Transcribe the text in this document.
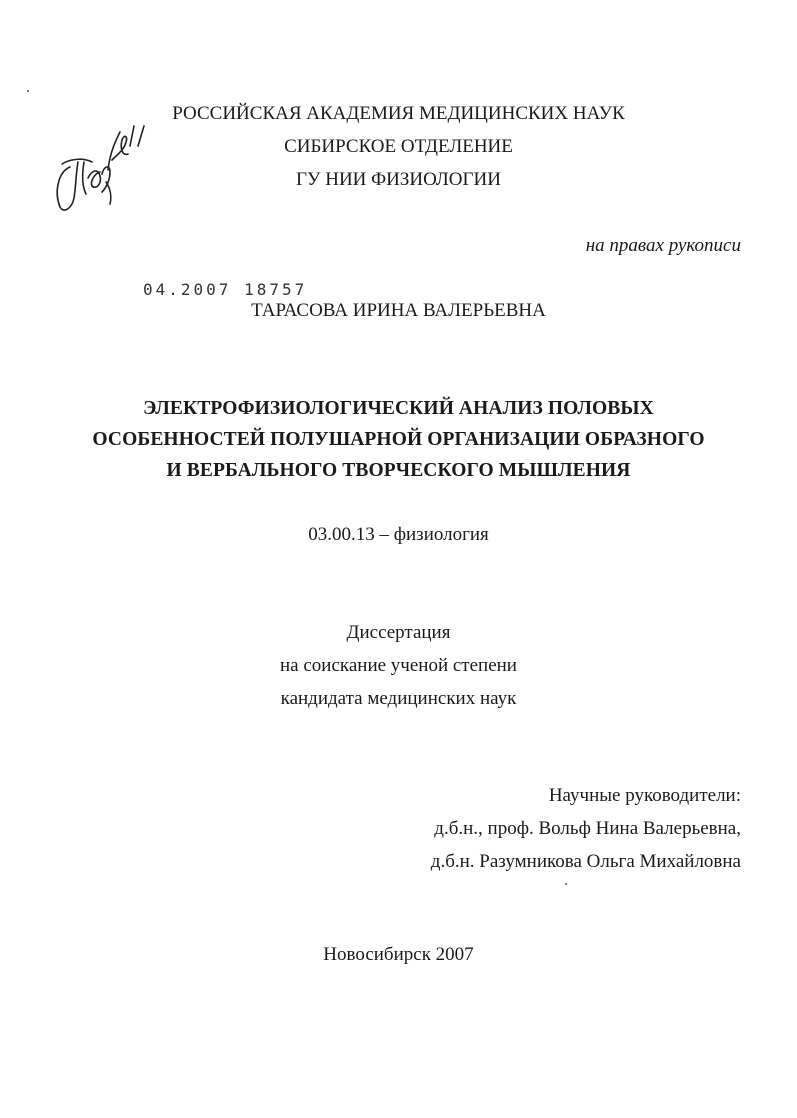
РОССИЙСКАЯ АКАДЕМИЯ МЕДИЦИНСКИХ НАУК
СИБИРСКОЕ ОТДЕЛЕНИЕ
ГУ НИИ ФИЗИОЛОГИИ
на правах рукописи
04.2007 18757
ТАРАСОВА ИРИНА ВАЛЕРЬЕВНА
ЭЛЕКТРОФИЗИОЛОГИЧЕСКИЙ АНАЛИЗ ПОЛОВЫХ
ОСОБЕННОСТЕЙ ПОЛУШАРНОЙ ОРГАНИЗАЦИИ ОБРАЗНОГО
И ВЕРБАЛЬНОГО ТВОРЧЕСКОГО МЫШЛЕНИЯ
03.00.13 – физиология
Диссертация
на соискание ученой степени
кандидата медицинских наук
Научные руководители:
д.б.н., проф. Вольф Нина Валерьевна,
д.б.н. Разумникова Ольга Михайловна
Новосибирск 2007
